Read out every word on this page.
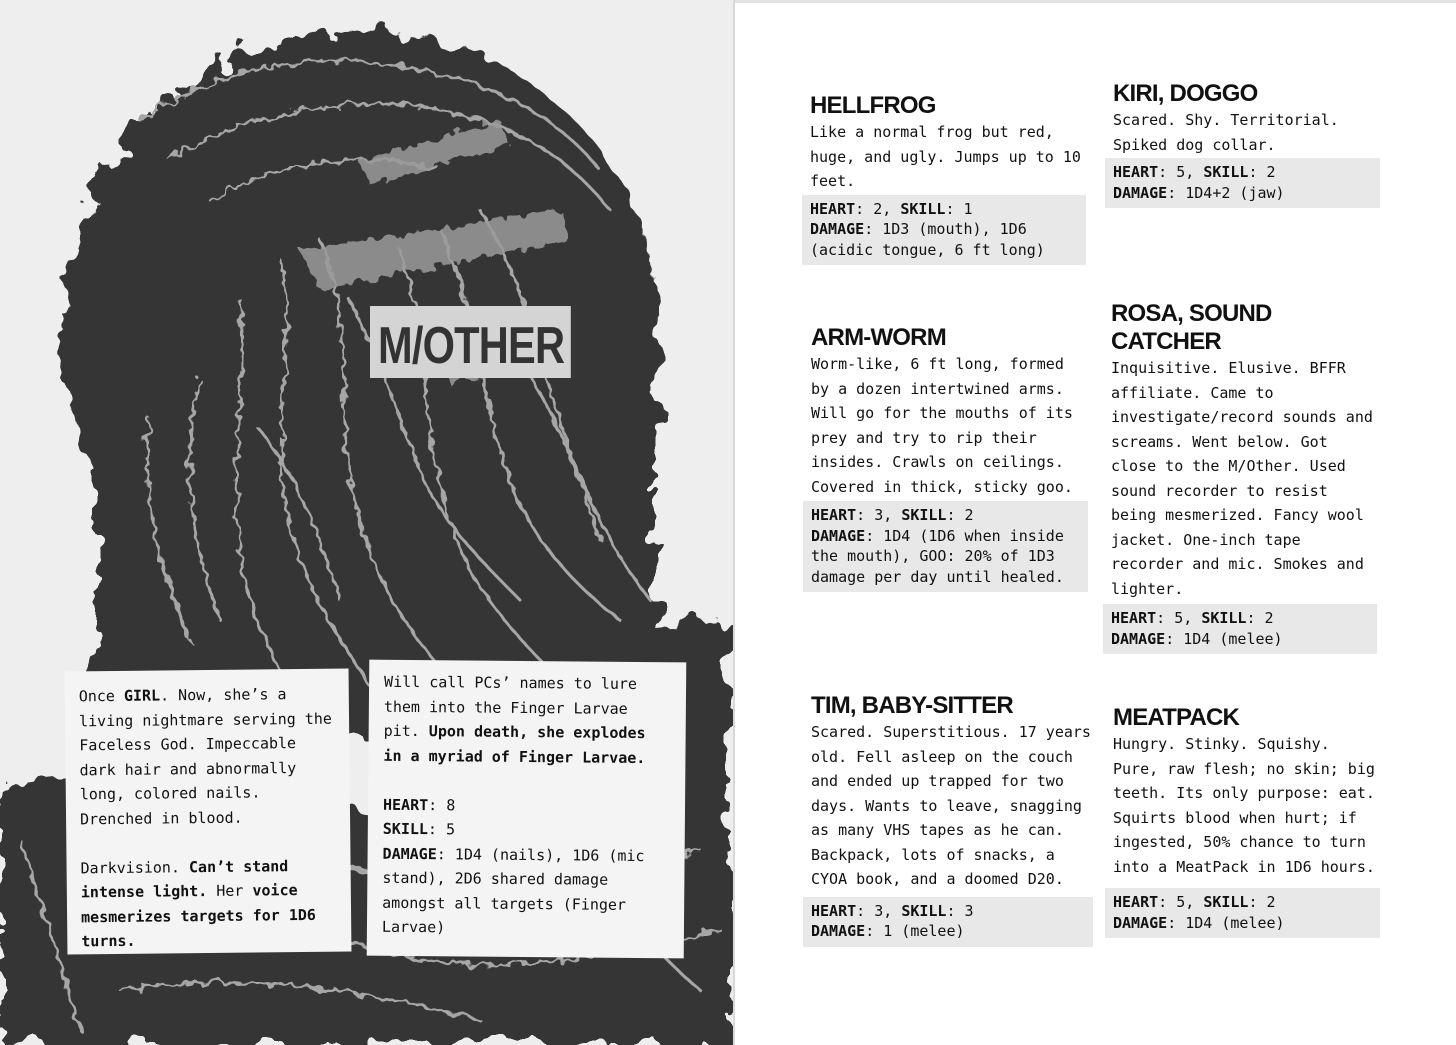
M/OTHER

Once GIRL. Now, she’s a living nightmare serving the Faceless God. Impeccable dark hair and abnormally long, colored nails. Drenched in blood.

Darkvision. Can’t stand intense light. Her voice mesmerizes targets for 1D6 turns.

Will call PCs’ names to lure them into the Finger Larvae pit. Upon death, she explodes in a myriad of Finger Larvae.

HEART: 8

SKILL: 5

DAMAGE: 1D4 (nails), 1D6 (mic stand), 2D6 shared damage amongst all targets (Finger Larvae)

HELLFROG

Like a normal frog but red, huge, and ugly. Jumps up to 10 feet.

HEART: 2, SKILL: 1
DAMAGE: 1D3 (mouth), 1D6 (acidic tongue, 6 ft long)
KIRI, DOGGO

Scared. Shy. Territorial. Spiked dog collar.

HEART: 5, SKILL: 2
DAMAGE: 1D4+2 (jaw)
ARM-WORM

Worm-like, 6 ft long, formed by a dozen intertwined arms. Will go for the mouths of its prey and try to rip their insides. Crawls on ceilings. Covered in thick, sticky goo.

HEART: 3, SKILL: 2
DAMAGE: 1D4 (1D6 when inside the mouth), GOO: 20% of 1D3 damage per day until healed.
ROSA, SOUND CATCHER

Inquisitive. Elusive. BFFR affiliate. Came to investigate/record sounds and screams. Went below. Got close to the M/Other. Used sound recorder to resist being mesmerized. Fancy wool jacket. One-inch tape recorder and mic. Smokes and lighter.

HEART: 5, SKILL: 2
DAMAGE: 1D4 (melee)
TIM, BABY-SITTER

Scared. Superstitious. 17 years old. Fell asleep on the couch and ended up trapped for two days. Wants to leave, snagging as many VHS tapes as he can. Backpack, lots of snacks, a CYOA book, and a doomed D20.

HEART: 3, SKILL: 3
DAMAGE: 1 (melee)
MEATPACK

Hungry. Stinky. Squishy. Pure, raw flesh; no skin; big teeth. Its only purpose: eat. Squirts blood when hurt; if ingested, 50% chance to turn into a MeatPack in 1D6 hours.

HEART: 5, SKILL: 2
DAMAGE: 1D4 (melee)
